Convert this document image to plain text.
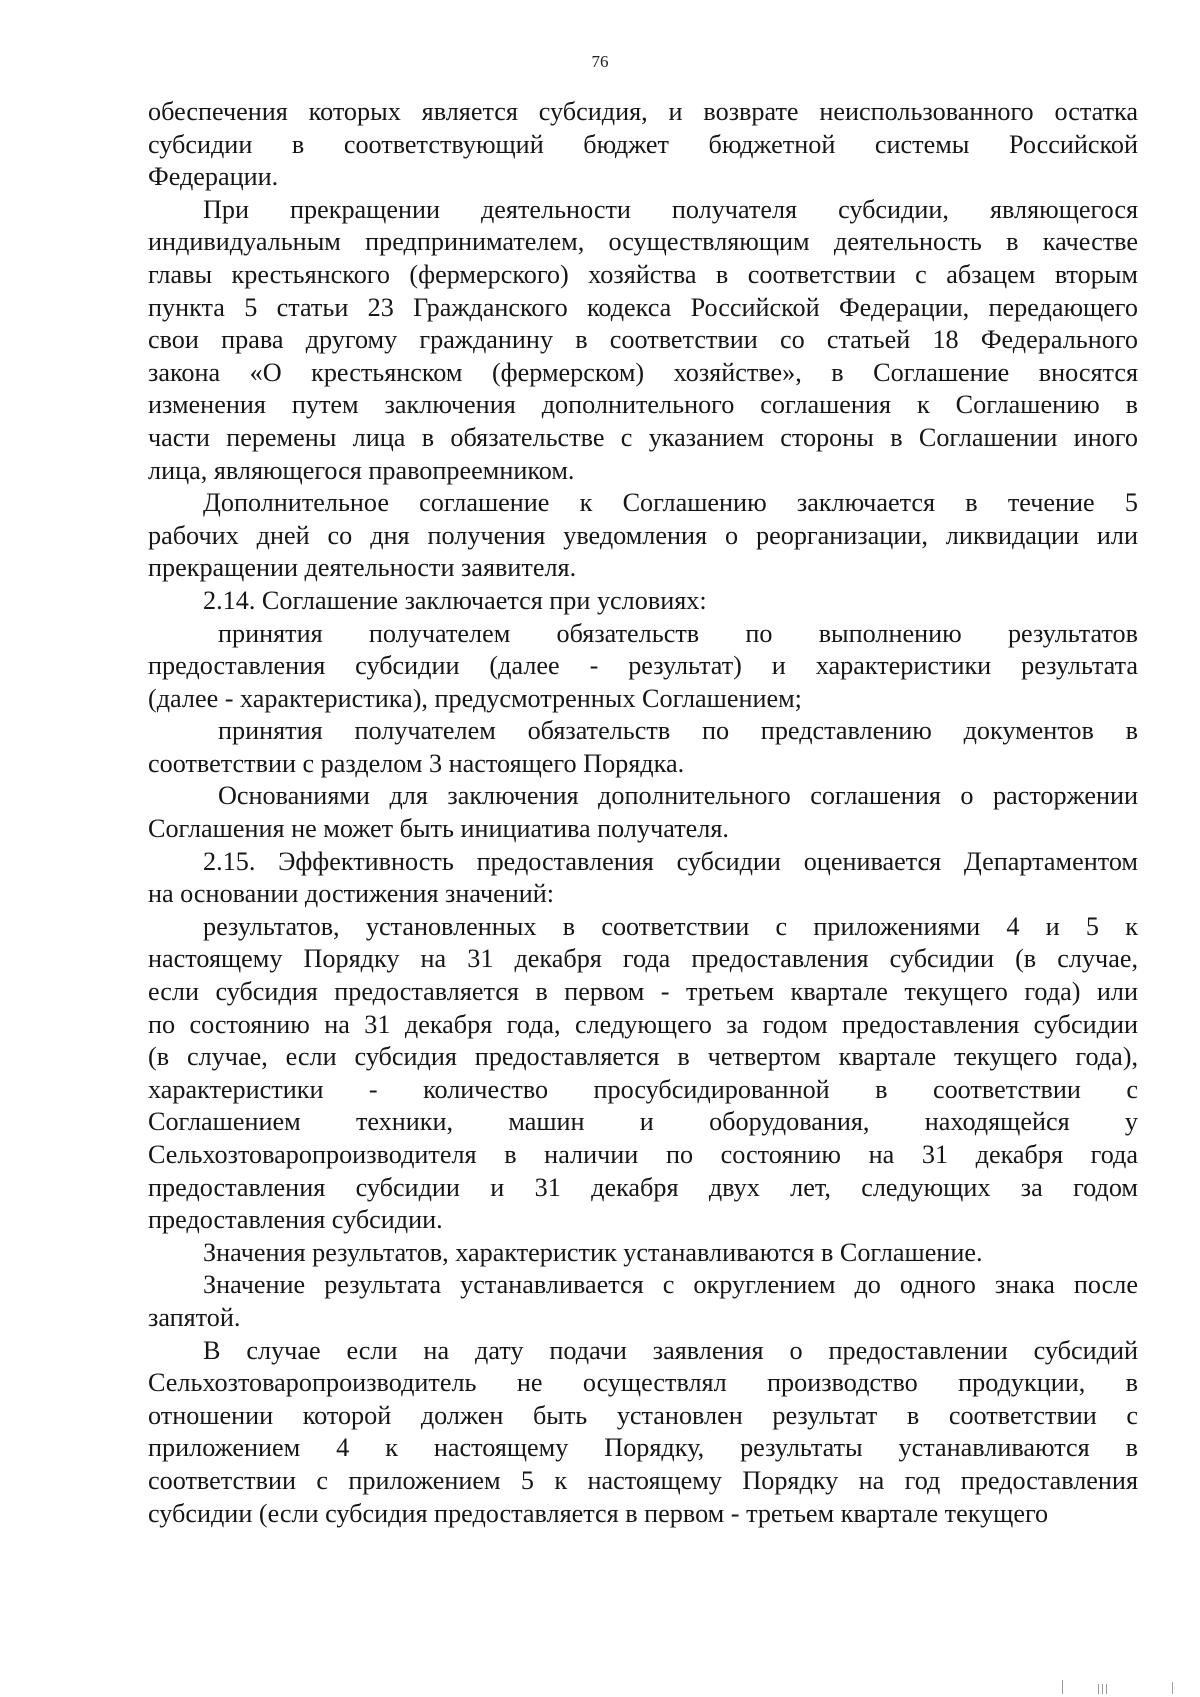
76
обеспечения которых является субсидия, и возврате неиспользованного остатка
субсидии в соответствующий бюджет бюджетной системы Российской
Федерации.
При прекращении деятельности получателя субсидии, являющегося
индивидуальным предпринимателем, осуществляющим деятельность в качестве
главы крестьянского (фермерского) хозяйства в соответствии с абзацем вторым
пункта 5 статьи 23 Гражданского кодекса Российской Федерации, передающего
свои права другому гражданину в соответствии со статьей 18 Федерального
закона «О крестьянском (фермерском) хозяйстве», в Соглашение вносятся
изменения путем заключения дополнительного соглашения к Соглашению в
части перемены лица в обязательстве с указанием стороны в Соглашении иного
лица, являющегося правопреемником.
Дополнительное соглашение к Соглашению заключается в течение 5
рабочих дней со дня получения уведомления о реорганизации, ликвидации или
прекращении деятельности заявителя.
2.14. Соглашение заключается при условиях:
принятия получателем обязательств по выполнению результатов
предоставления субсидии (далее - результат) и характеристики результата
(далее - характеристика), предусмотренных Соглашением;
принятия получателем обязательств по представлению документов в
соответствии с разделом 3 настоящего Порядка.
Основаниями для заключения дополнительного соглашения о расторжении
Соглашения не может быть инициатива получателя.
2.15. Эффективность предоставления субсидии оценивается Департаментом
на основании достижения значений:
результатов, установленных в соответствии с приложениями 4 и 5 к
настоящему Порядку на 31 декабря года предоставления субсидии (в случае,
если субсидия предоставляется в первом - третьем квартале текущего года) или
по состоянию на 31 декабря года, следующего за годом предоставления субсидии
(в случае, если субсидия предоставляется в четвертом квартале текущего года),
характеристики - количество просубсидированной в соответствии с
Соглашением техники, машин и оборудования, находящейся у
Сельхозтоваропроизводителя в наличии по состоянию на 31 декабря года
предоставления субсидии и 31 декабря двух лет, следующих за годом
предоставления субсидии.
Значения результатов, характеристик устанавливаются в Соглашение.
Значение результата устанавливается с округлением до одного знака после
запятой.
В случае если на дату подачи заявления о предоставлении субсидий
Сельхозтоваропроизводитель не осуществлял производство продукции, в
отношении которой должен быть установлен результат в соответствии с
приложением 4 к настоящему Порядку, результаты устанавливаются в
соответствии с приложением 5 к настоящему Порядку на год предоставления
субсидии (если субсидия предоставляется в первом - третьем квартале текущего
